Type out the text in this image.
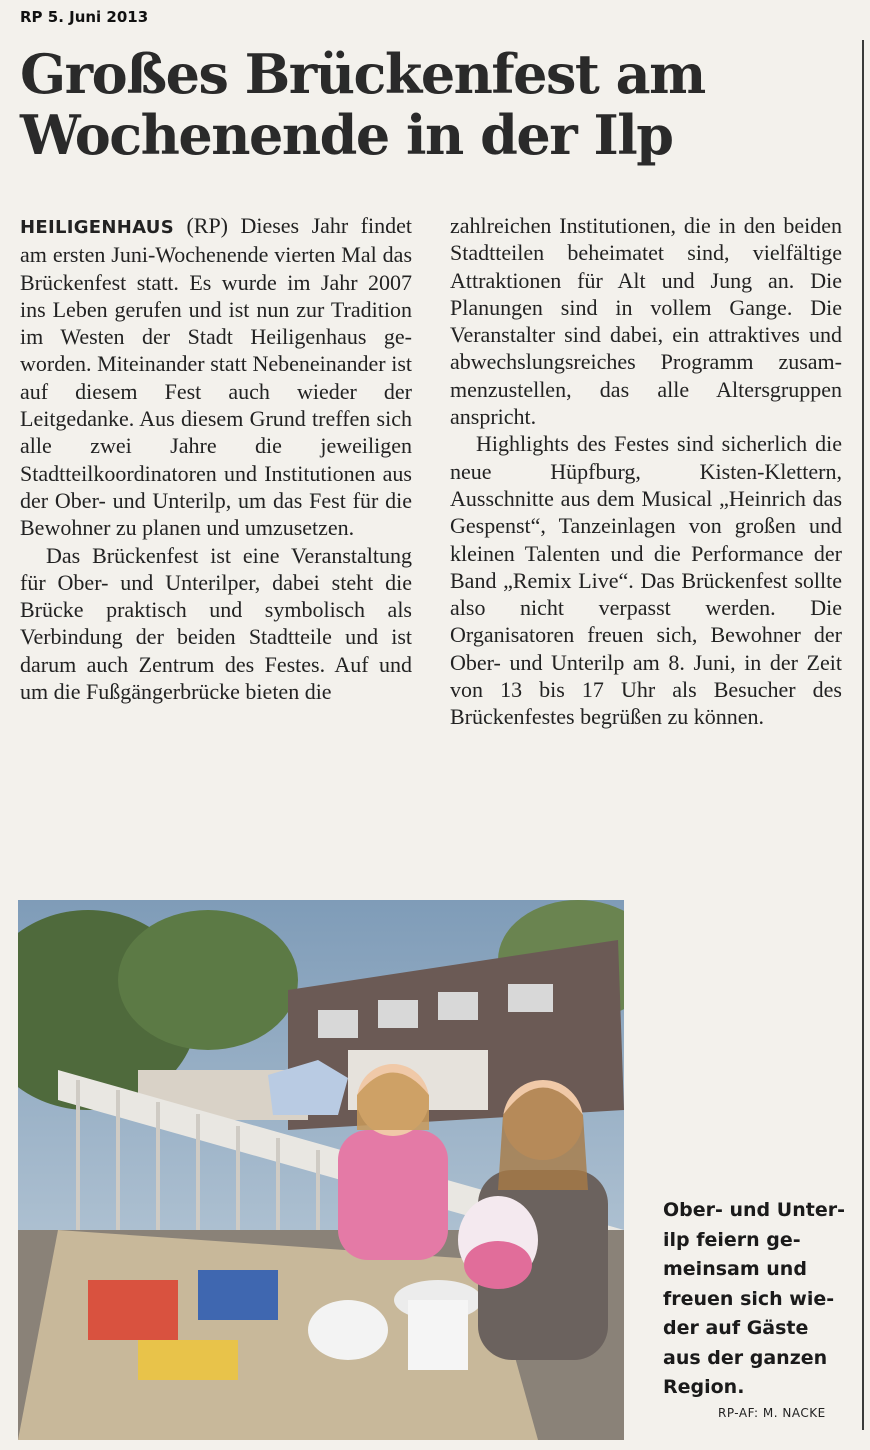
RP 5. Juni 2013
Großes Brückenfest am Wochenende in der Ilp

HEILIGENHAUS (RP) Dieses Jahr findet am ersten Juni-Wochenende vierten Mal das Brückenfest statt. Es wurde im Jahr 2007 ins Leben gerufen und ist nun zur Tradition im Westen der Stadt Heiligenhaus geworden. Miteinander statt Nebeneinander ist auf diesem Fest auch wieder der Leitgedanke. Aus diesem Grund treffen sich alle zwei Jahre die jeweiligen Stadtteilkoordinatoren und Institutionen aus der Ober- und Unterilp, um das Fest für die Bewohner zu planen und umzusetzen.

Das Brückenfest ist eine Veranstaltung für Ober- und Unterilper, dabei steht die Brücke praktisch und symbolisch als Verbindung der beiden Stadtteile und ist darum auch Zentrum des Festes. Auf und um die Fußgängerbrücke bieten die

zahlreichen Institutionen, die in den beiden Stadtteilen beheimatet sind, vielfältige Attraktionen für Alt und Jung an. Die Planungen sind in vollem Gange. Die Veranstalter sind dabei, ein attraktives und abwechslungsreiches Programm zusammenzustellen, das alle Altersgruppen anspricht.

Highlights des Festes sind sicherlich die neue Hüpfburg, Kisten-Klettern, Ausschnitte aus dem Musical „Heinrich das Gespenst“, Tanzeinlagen von großen und kleinen Talenten und die Performance der Band „Remix Live“. Das Brückenfest sollte also nicht verpasst werden. Die Organisatoren freuen sich, Bewohner der Ober- und Unterilp am 8. Juni, in der Zeit von 13 bis 17 Uhr als Besucher des Brückenfestes begrüßen zu können.

Ober- und Unterilp feiern gemeinsam und freuen sich wieder auf Gäste aus der ganzen Region.

RP-AF: M. NACKE
